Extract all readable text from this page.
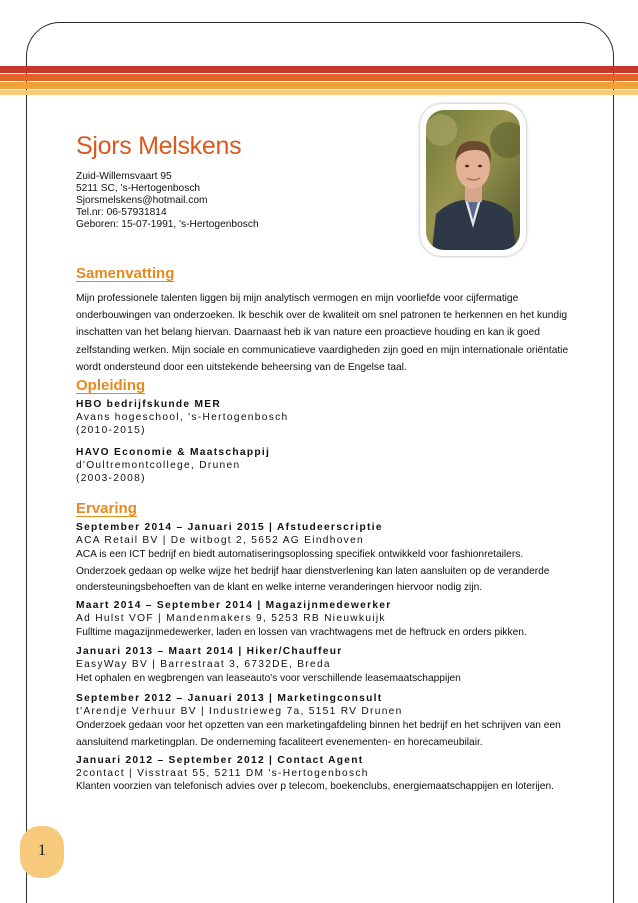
Sjors Melskens
Zuid-Willemsvaart 95
5211 SC, 's-Hertogenbosch
Sjorsmelskens@hotmail.com
Tel.nr: 06-57931814
Geboren: 15-07-1991, 's-Hertogenbosch
Samenvatting
Mijn professionele talenten liggen bij mijn analytisch vermogen en mijn voorliefde voor cijfermatige onderbouwingen van onderzoeken. Ik beschik over de kwaliteit om snel patronen te herkennen en het kundig inschatten van het belang hiervan. Daarnaast heb ik van nature een proactieve houding en kan ik goed zelfstanding werken. Mijn sociale en communicatieve vaardigheden zijn goed en mijn internationale oriëntatie wordt ondersteund door een uitstekende beheersing van de Engelse taal.
Opleiding
HBO bedrijfskunde MER
Avans hogeschool, 's-Hertogenbosch
(2010-2015)
HAVO Economie & Maatschappij
d'Oultremontcollege, Drunen
(2003-2008)
Ervaring
September 2014 – Januari 2015 | Afstudeerscriptie
ACA Retail BV | De witbogt 2, 5652 AG Eindhoven
ACA is een ICT bedrijf en biedt automatiseringsoplossing specifiek ontwikkeld voor fashionretailers. Onderzoek gedaan op welke wijze het bedrijf haar dienstverlening kan laten aansluiten op de veranderde ondersteuningsbehoeften van de klant en welke interne veranderingen hiervoor nodig zijn.
Maart 2014 – September 2014 | Magazijnmedewerker
Ad Hulst VOF | Mandenmakers 9, 5253 RB Nieuwkuijk
Fulltime magazijnmedewerker, laden en lossen van vrachtwagens met de heftruck en orders pikken.
Januari 2013 – Maart 2014 | Hiker/Chauffeur
EasyWay BV | Barrestraat 3, 6732DE, Breda
Het ophalen en wegbrengen van leaseauto's voor verschillende leasemaatschappijen
September 2012 – Januari 2013 | Marketingconsult
t'Arendje Verhuur BV | Industrieweg 7a, 5151 RV Drunen
Onderzoek gedaan voor het opzetten van een marketingafdeling binnen het bedrijf en het schrijven van een aansluitend marketingplan. De onderneming facaliteert evenementen- en horecameubilair.
Januari 2012 – September 2012 | Contact Agent
2contact | Visstraat 55, 5211 DM 's-Hertogenbosch
Klanten voorzien van telefonisch advies over p telecom, boekenclubs, energiemaatschappijen en loterijen.
1
